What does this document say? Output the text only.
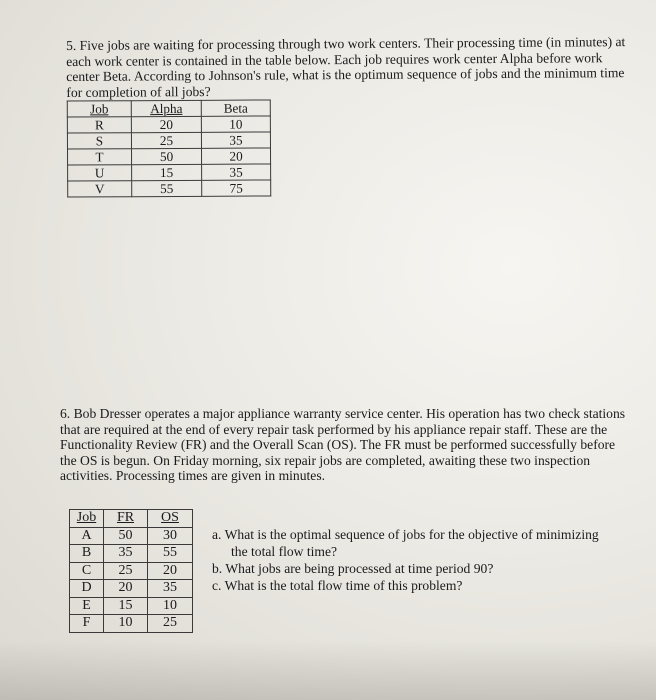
5. Five jobs are waiting for processing through two work centers. Their processing time (in minutes) at each work center is contained in the table below. Each job requires work center Alpha before work center Beta. According to Johnson's rule, what is the optimum sequence of jobs and the minimum time for completion of all jobs?
Job	Alpha	Beta
R	20	10
S	25	35
T	50	20
U	15	35
V	55	75
6. Bob Dresser operates a major appliance warranty service center. His operation has two check stations that are required at the end of every repair task performed by his appliance repair staff. These are the Functionality Review (FR) and the Overall Scan (OS). The FR must be performed successfully before the OS is begun. On Friday morning, six repair jobs are completed, awaiting these two inspection activities. Processing times are given in minutes.
Job	FR	OS
A	50	30
B	35	55
C	25	20
D	20	35
E	15	10
F	10	25
a. What is the optimal sequence of jobs for the objective of minimizing
the total flow time?
b. What jobs are being processed at time period 90?
c. What is the total flow time of this problem?
